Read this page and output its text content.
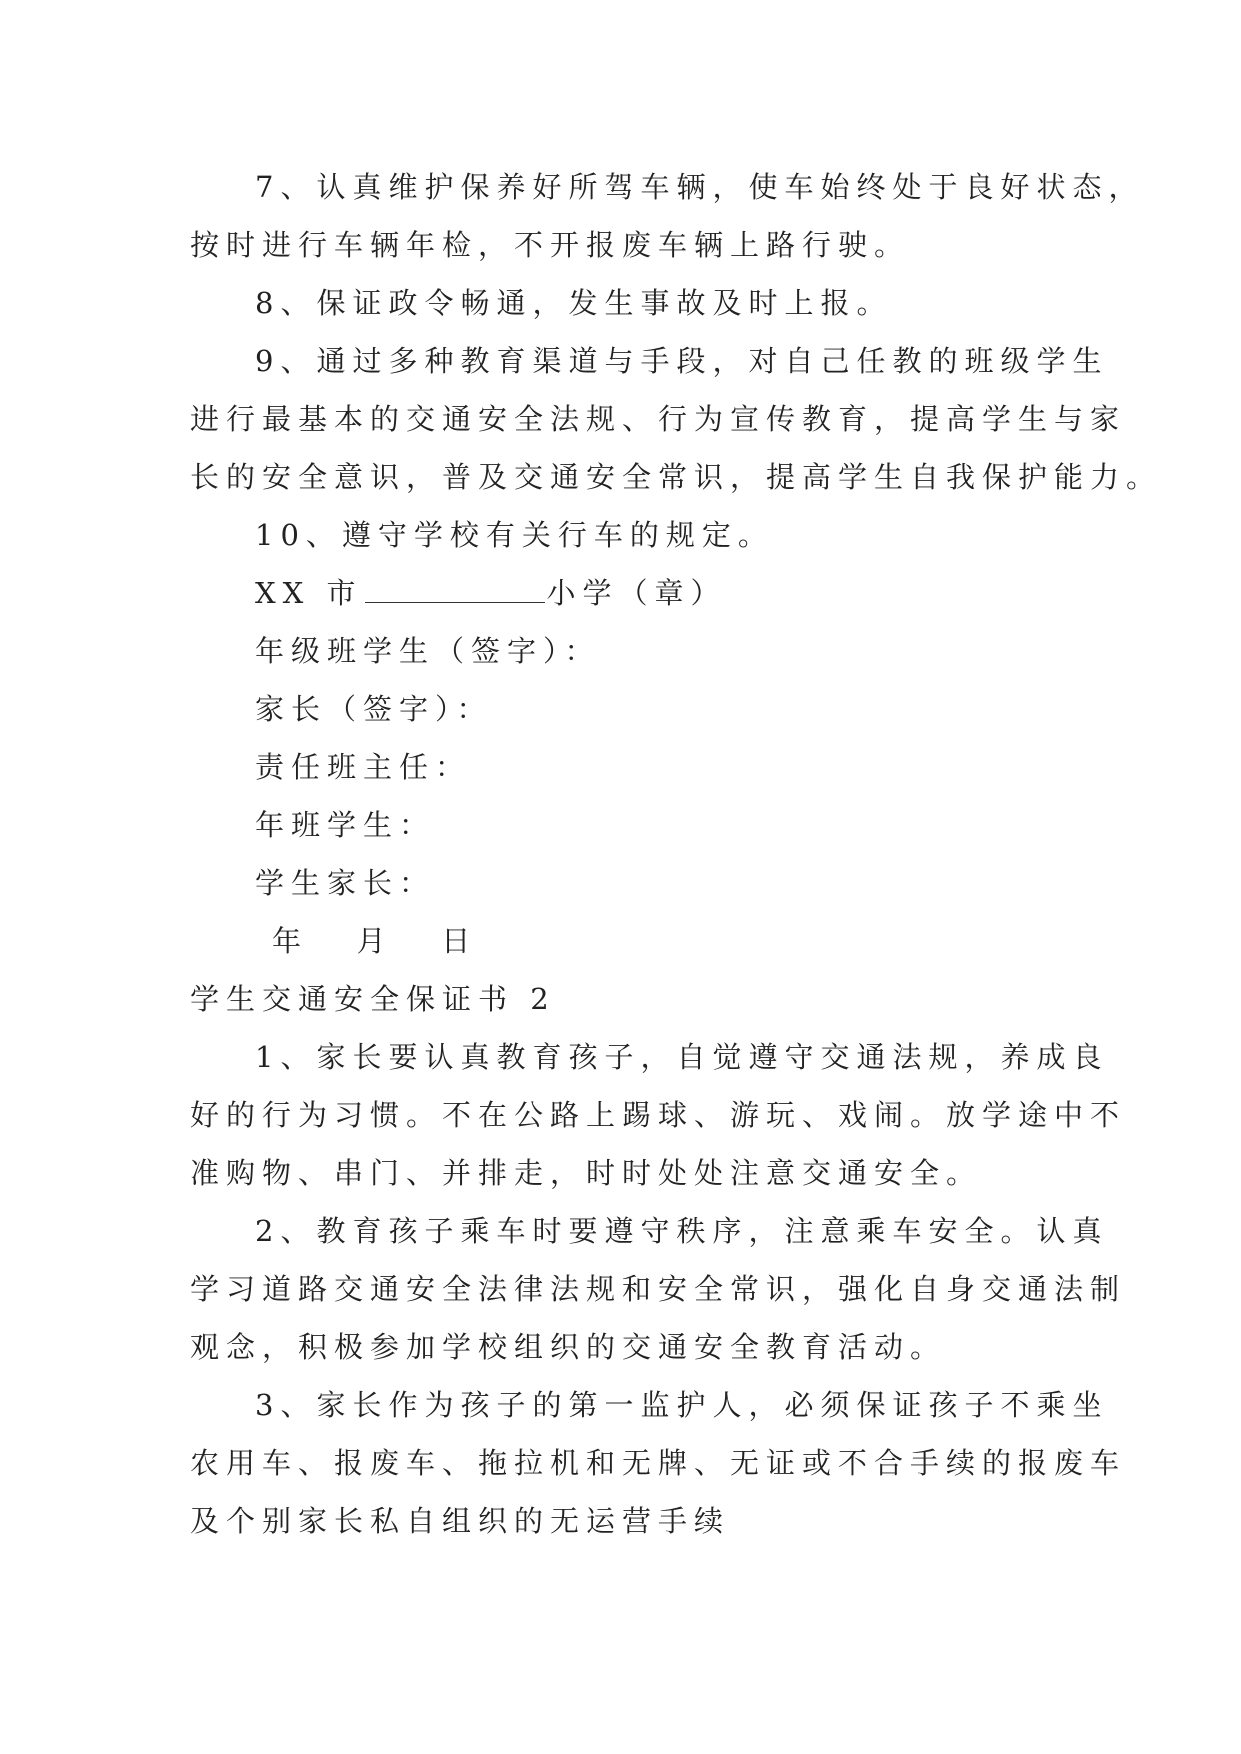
7、认真维护保养好所驾车辆，使车始终处于良好状态，
按时进行车辆年检，不开报废车辆上路行驶。
8、保证政令畅通，发生事故及时上报。
9、通过多种教育渠道与手段，对自己任教的班级学生
进行最基本的交通安全法规、行为宣传教育，提高学生与家
长的安全意识，普及交通安全常识，提高学生自我保护能力。
10、遵守学校有关行车的规定。
XX 市	小学（章）
年级班学生（签字）：
家长（签字）：
责任班主任：
年班学生：
学生家长：
年   月   日
学生交通安全保证书 2
1、家长要认真教育孩子，自觉遵守交通法规，养成良
好的行为习惯。不在公路上踢球、游玩、戏闹。放学途中不
准购物、串门、并排走，时时处处注意交通安全。
2、教育孩子乘车时要遵守秩序，注意乘车安全。认真
学习道路交通安全法律法规和安全常识，强化自身交通法制
观念，积极参加学校组织的交通安全教育活动。
3、家长作为孩子的第一监护人，必须保证孩子不乘坐
农用车、报废车、拖拉机和无牌、无证或不合手续的报废车
及个别家长私自组织的无运营手续
